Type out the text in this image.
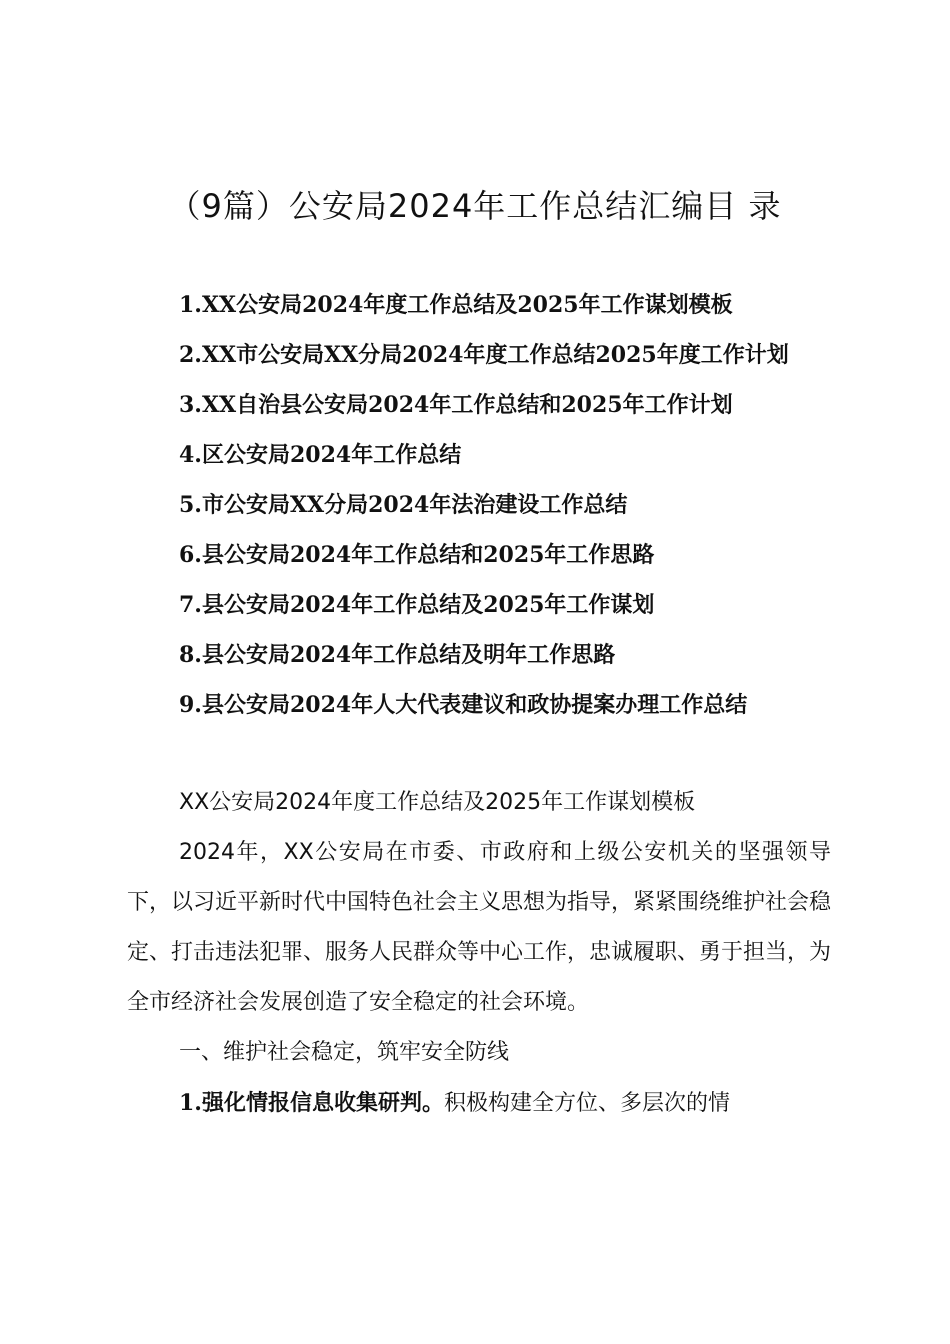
（9篇）公安局2024年工作总结汇编目 录
1.XX公安局2024年度工作总结及2025年工作谋划模板
2.XX市公安局XX分局2024年度工作总结2025年度工作计划
3.XX自治县公安局2024年工作总结和2025年工作计划
4.区公安局2024年工作总结
5.市公安局XX分局2024年法治建设工作总结
6.县公安局2024年工作总结和2025年工作思路
7.县公安局2024年工作总结及2025年工作谋划
8.县公安局2024年工作总结及明年工作思路
9.县公安局2024年人大代表建议和政协提案办理工作总结

XX公安局2024年度工作总结及2025年工作谋划模板

2024年，XX公安局在市委、市政府和上级公安机关的坚强领导下，以习近平新时代中国特色社会主义思想为指导，紧紧围绕维护社会稳定、打击违法犯罪、服务人民群众等中心工作，忠诚履职、勇于担当，为全市经济社会发展创造了安全稳定的社会环境。

一、维护社会稳定，筑牢安全防线

1.强化情报信息收集研判。积极构建全方位、多层次的情
